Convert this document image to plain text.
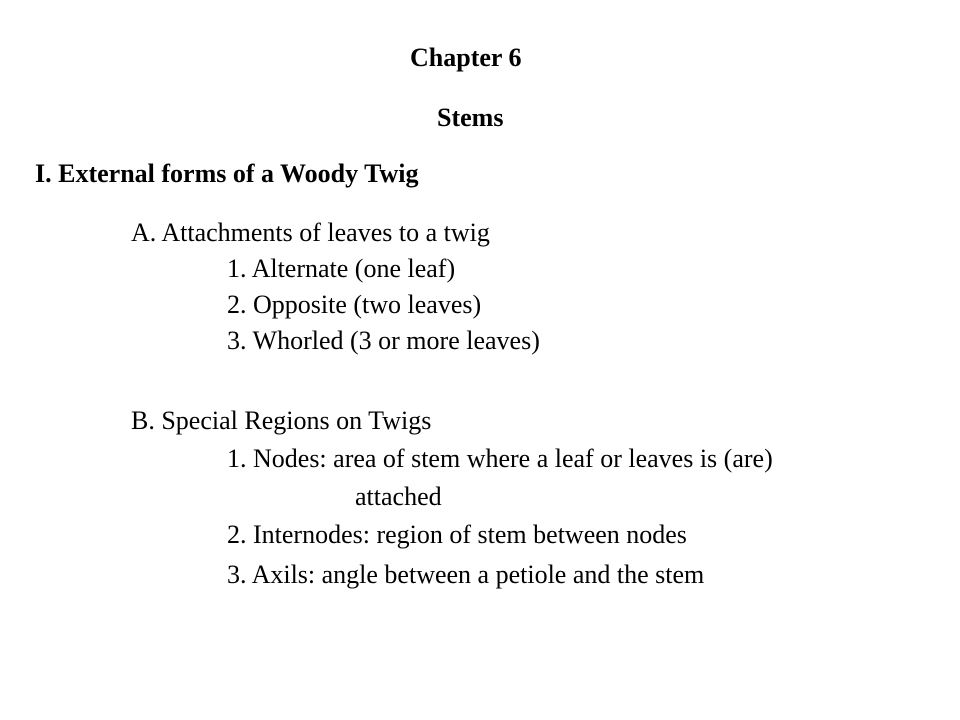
Chapter 6
Stems
I. External forms of a Woody Twig
A. Attachments of leaves to a twig
1. Alternate (one leaf)
2. Opposite (two leaves)
3. Whorled (3 or more leaves)
B. Special Regions on Twigs
1. Nodes: area of stem where a leaf or leaves is (are)
attached
2. Internodes: region of stem between nodes
3. Axils: angle between a petiole and the stem
